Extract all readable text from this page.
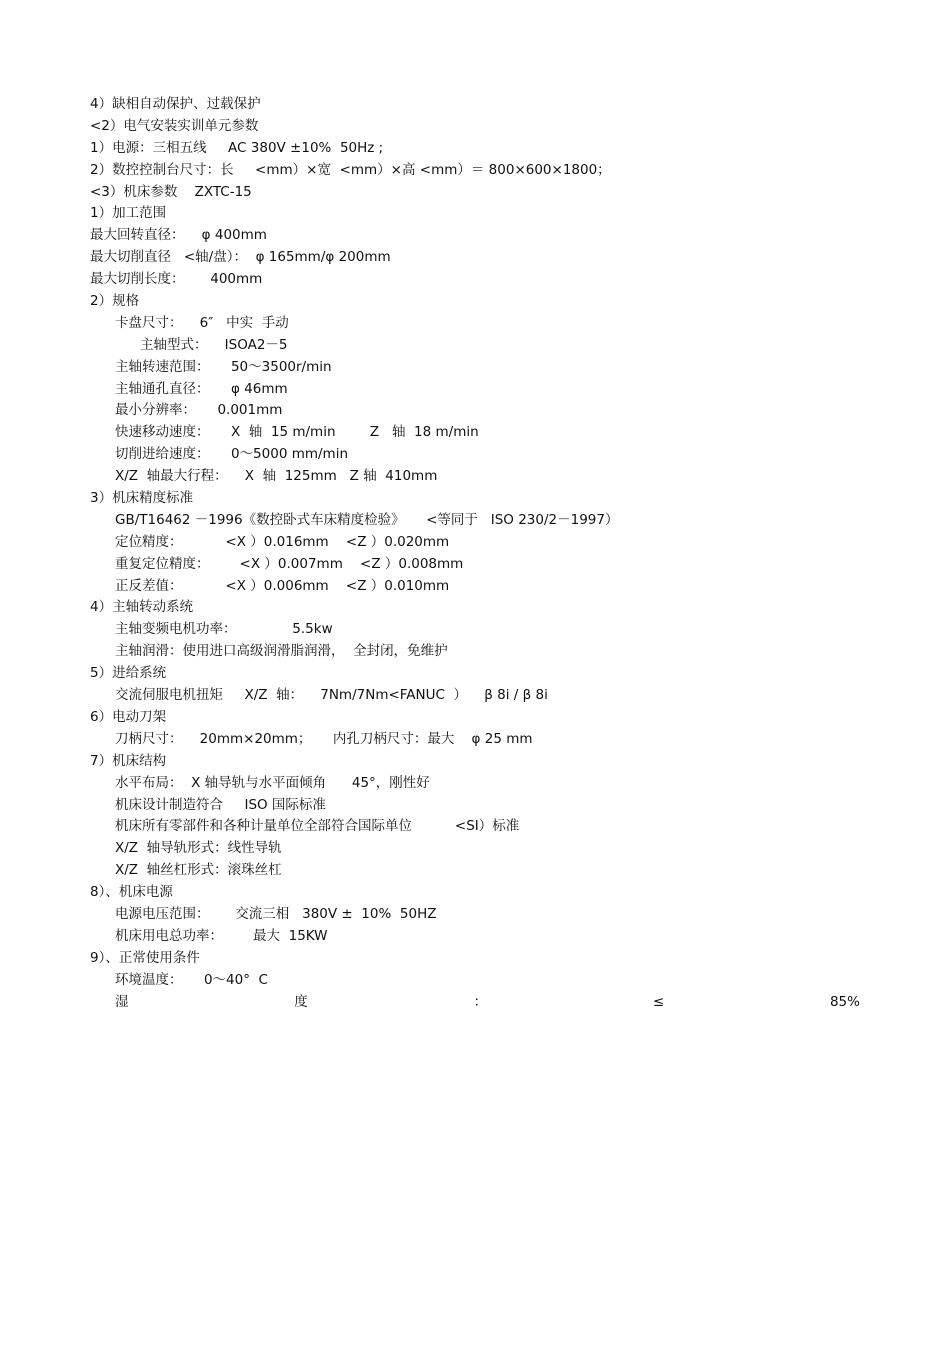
4）缺相自动保护、过载保护
<2）电气安装实训单元参数
1）电源：三相五线     AC 380V ±10%  50Hz ;
2）数控控制台尺寸：长     <mm）×宽  <mm）×高 <mm）＝ 800×600×1800；
<3）机床参数    ZXTC-15
1）加工范围
最大回转直径：    φ 400mm
最大切削直径   <轴/盘）：  φ 165mm/φ 200mm
最大切削长度：      400mm
2）规格
卡盘尺寸：    6″   中实  手动
主轴型式：    ISOA2－5
主轴转速范围：     50～3500r/min
主轴通孔直径：     φ 46mm
最小分辨率：     0.001mm
快速移动速度：     X  轴  15 m/min        Z   轴  18 m/min
切削进给速度：     0～5000 mm/min
X/Z  轴最大行程：    X  轴  125mm   Z 轴  410mm
3）机床精度标准
GB/T16462 －1996《数控卧式车床精度检验》     <等同于   ISO 230/2－1997）
定位精度：          <X ）0.016mm    <Z ）0.020mm
重复定位精度：       <X ）0.007mm    <Z ）0.008mm
正反差值：          <X ）0.006mm    <Z ）0.010mm
4）主轴转动系统
主轴变频电机功率：             5.5kw
主轴润滑：使用进口高级润滑脂润滑，  全封闭，免维护
5）进给系统
交流伺服电机扭矩     X/Z  轴：    7Nm/7Nm<FANUC  ）    β 8i / β 8i
6）电动刀架
刀柄尺寸：    20mm×20mm；     内孔刀柄尺寸：最大    φ 25 mm
7）机床结构
水平布局：  X 轴导轨与水平面倾角      45°，刚性好
机床设计制造符合     ISO 国际标准
机床所有零部件和各种计量单位全部符合国际单位          <SI）标准
X/Z  轴导轨形式：线性导轨
X/Z  轴丝杠形式：滚珠丝杠
8）、机床电源
电源电压范围：      交流三相   380V ±  10%  50HZ
机床用电总功率：       最大  15KW
9）、正常使用条件
环境温度：     0～40°  C
湿	度	：	≤	85%
